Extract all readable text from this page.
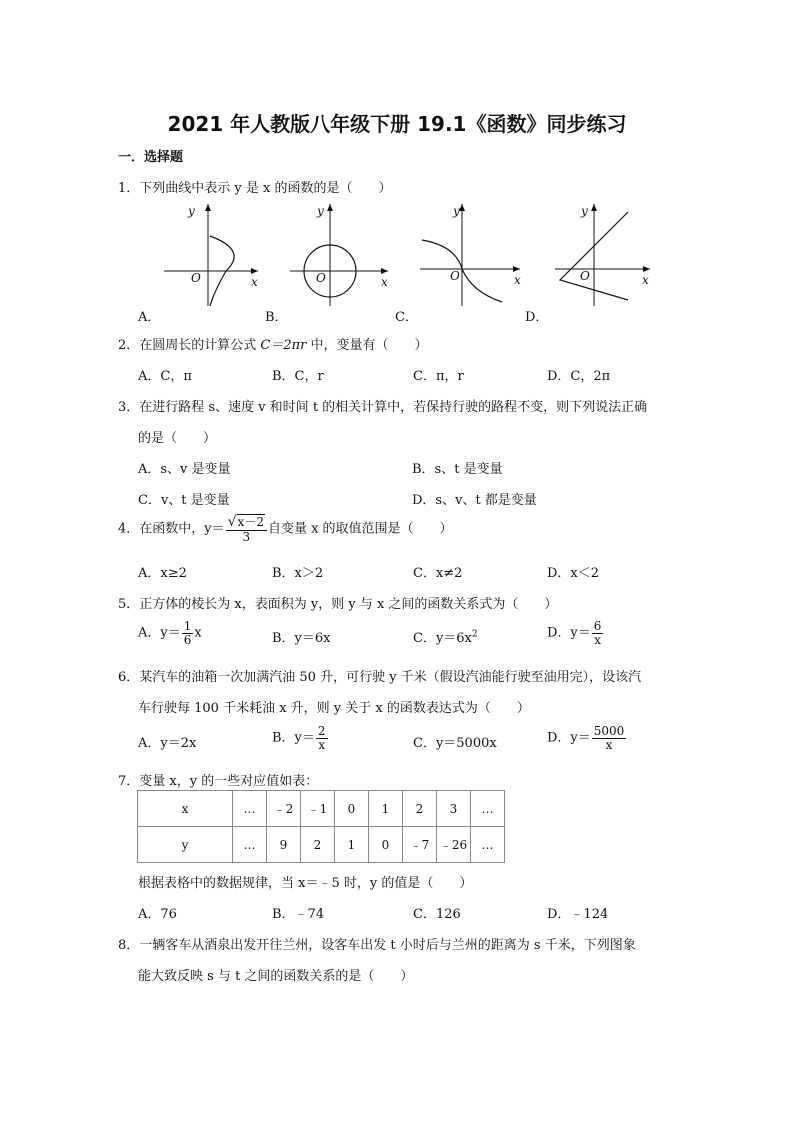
2021 年人教版八年级下册 19.1《函数》同步练习
一．选择题
1．下列曲线中表示 y 是 x 的函数的是（　　）
y
x
O
y
x
O
y
x
O
y
x
O
A．	B．	C．	D．
2．在圆周长的计算公式 C＝2πr 中，变量有（　　）
A．C，π	B．C，r	C．π，r	D．C，2π
3．在进行路程 s、速度 v 和时间 t 的相关计算中，若保持行驶的路程不变，则下列说法正确
的是（　　）
A．s、v 是变量	B．s、t 是变量
C．v、t 是变量	D．s、v、t 都是变量
4．在函数中，$y= \frac{√x-2}{3}$ 自变量 x 的取值范围是（　　）
A．x≥2	B．x＞2	C．x≠2	D．x＜2
5．正方体的棱长为 x，表面积为 y，则 y 与 x 之间的函数关系式为（　　）
A．$y= \frac{1}{6}$ x	B．y＝6x	C．$y=6x^2$	D．$y= \frac{6}{x}$
6．某汽车的油箱一次加满汽油 50 升，可行驶 y 千米（假设汽油能行驶至油用完），设该汽
车行驶每 100 千米耗油 x 升，则 y 关于 x 的函数表达式为（　　）
A．y＝2x	B．$y= \frac{2}{x}$	C．y＝5000x	D．$y= \frac{5000}{x}$
7．变量 x，y 的一些对应值如表：
x	…	﹣2	﹣1	0	1	2	3	…
y	…	9	2	1	0	﹣7	﹣26	…
根据表格中的数据规律，当 x＝﹣5 时，y 的值是（　　）
A．76	B．﹣74	C．126	D．﹣124
8．一辆客车从酒泉出发开往兰州，设客车出发 t 小时后与兰州的距离为 s 千米，下列图象
能大致反映 s 与 t 之间的函数关系的是（　　）
